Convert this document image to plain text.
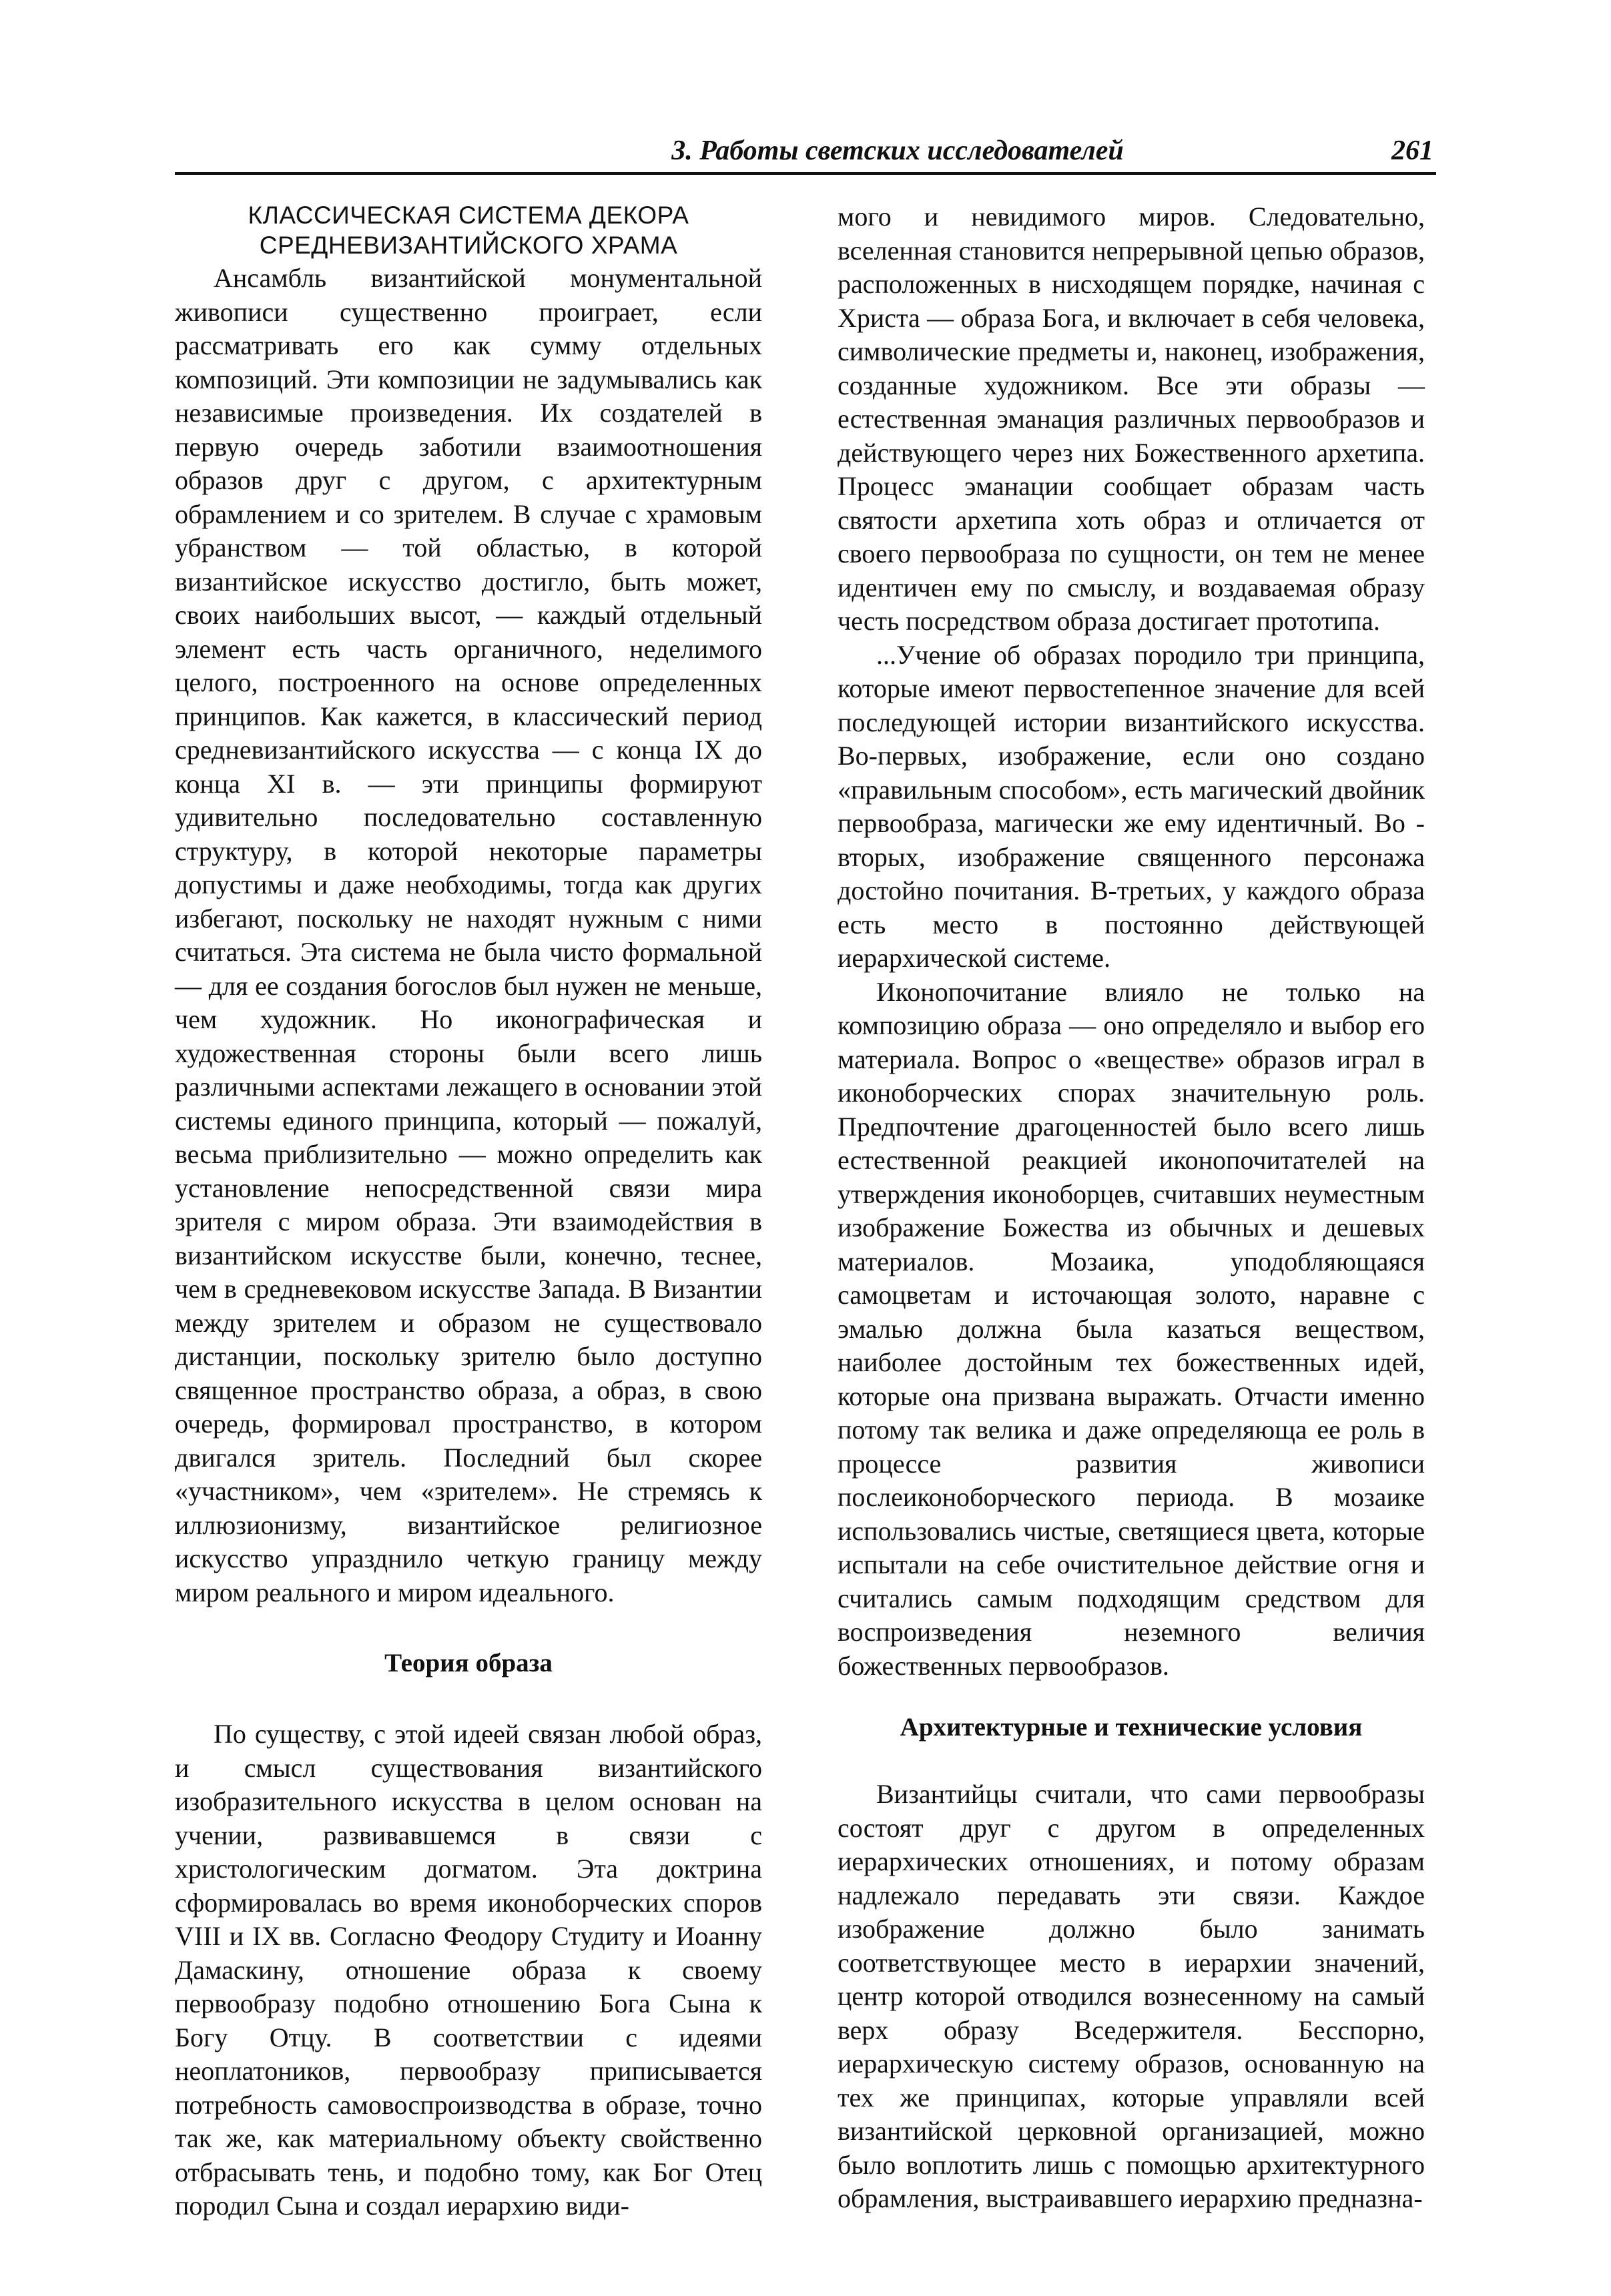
3. Работы светских исследователей	261
КЛАССИЧЕСКАЯ СИСТЕМА ДЕКОРА
СРЕДНЕВИЗАНТИЙСКОГО ХРАМА

Ансамбль византийской монументальной живописи существенно проиграет, если рассматривать его как сумму отдельных композиций. Эти композиции не задумывались как независимые произведения. Их создателей в первую очередь заботили взаимоотношения образов друг с другом, с архитектурным обрамлением и со зрителем. В случае с храмовым убранством — той областью, в которой византийское искусство достигло, быть может, своих наибольших высот, — каждый отдельный элемент есть часть органичного, неделимого целого, построенного на основе определенных принципов. Как кажется, в классический период средневизантийского искусства — с конца IX до конца XI в. — эти принципы формируют удивительно последовательно составленную структуру, в которой некоторые параметры допустимы и даже необходимы, тогда как других избегают, поскольку не находят нужным с ними считаться. Эта система не была чисто формальной — для ее создания богослов был нужен не меньше, чем художник. Но иконографическая и художественная стороны были всего лишь различными аспектами лежащего в основании этой системы единого принципа, который — пожалуй, весьма приблизительно — можно определить как установление непосредственной связи мира зрителя с миром образа. Эти взаимодействия в византийском искусстве были, конечно, теснее, чем в средневековом искусстве Запада. В Византии между зрителем и образом не существовало дистанции, поскольку зрителю было доступно священное пространство образа, а образ, в свою очередь, формировал пространство, в котором двигался зритель. Последний был скорее «участником», чем «зрителем». Не стремясь к иллюзионизму, византийское религиозное искусство упразднило четкую границу между миром реального и миром идеального.

Теория образа

По существу, с этой идеей связан любой образ, и смысл существования византийского изобразительного искусства в целом основан на учении, развивавшемся в связи с христологическим догматом. Эта доктрина сформировалась во время иконоборческих споров VIII и IX вв. Согласно Феодору Студиту и Иоанну Дамаскину, отношение образа к своему первообразу подобно отношению Бога Сына к Богу Отцу. В соответствии с идеями неоплатоников, первообразу приписывается потребность самовоспроизводства в образе, точно так же, как материальному объекту свойственно отбрасывать тень, и подобно тому, как Бог Отец породил Сына и создал иерархию види-

мого и невидимого миров. Следовательно, вселенная становится непрерывной цепью образов, расположенных в нисходящем порядке, начиная с Христа — образа Бога, и включает в себя человека, символические предметы и, наконец, изображения, созданные художником. Все эти образы — естественная эманация различных первообразов и действующего через них Божественного архетипа. Процесс эманации сообщает образам часть святости архетипа хоть образ и отличается от своего первообраза по сущности, он тем не менее идентичен ему по смыслу, и воздаваемая образу честь посредством образа достигает прототипа.

...Учение об образах породило три принципа, которые имеют первостепенное значение для всей последующей истории византийского искусства. Во-первых, изображение, если оно создано «правильным способом», есть магический двойник первообраза, магически же ему идентичный. Во - вторых, изображение священного персонажа достойно почитания. В-третьих, у каждого образа есть место в постоянно действующей иерархической системе.

Иконопочитание влияло не только на композицию образа — оно определяло и выбор его материала. Вопрос о «веществе» образов играл в иконоборческих спорах значительную роль. Предпочтение драгоценностей было всего лишь естественной реакцией иконопочитателей на утверждения иконоборцев, считавших неуместным изображение Божества из обычных и дешевых материалов. Мозаика, уподобляющаяся самоцветам и источающая золото, наравне с эмалью должна была казаться веществом, наиболее достойным тех божественных идей, которые она призвана выражать. Отчасти именно потому так велика и даже определяюща ее роль в процессе развития живописи послеиконоборческого периода. В мозаике использовались чистые, светящиеся цвета, которые испытали на себе очистительное действие огня и считались самым подходящим средством для воспроизведения неземного величия божественных первообразов.

Архитектурные и технические условия

Византийцы считали, что сами первообразы состоят друг с другом в определенных иерархических отношениях, и потому образам надлежало передавать эти связи. Каждое изображение должно было занимать соответствующее место в иерархии значений, центр которой отводился вознесенному на самый верх образу Вседержителя. Бесспорно, иерархическую систему образов, основанную на тех же принципах, которые управляли всей византийской церковной организацией, можно было воплотить лишь с помощью архитектурного обрамления, выстраивавшего иерархию предназна-
